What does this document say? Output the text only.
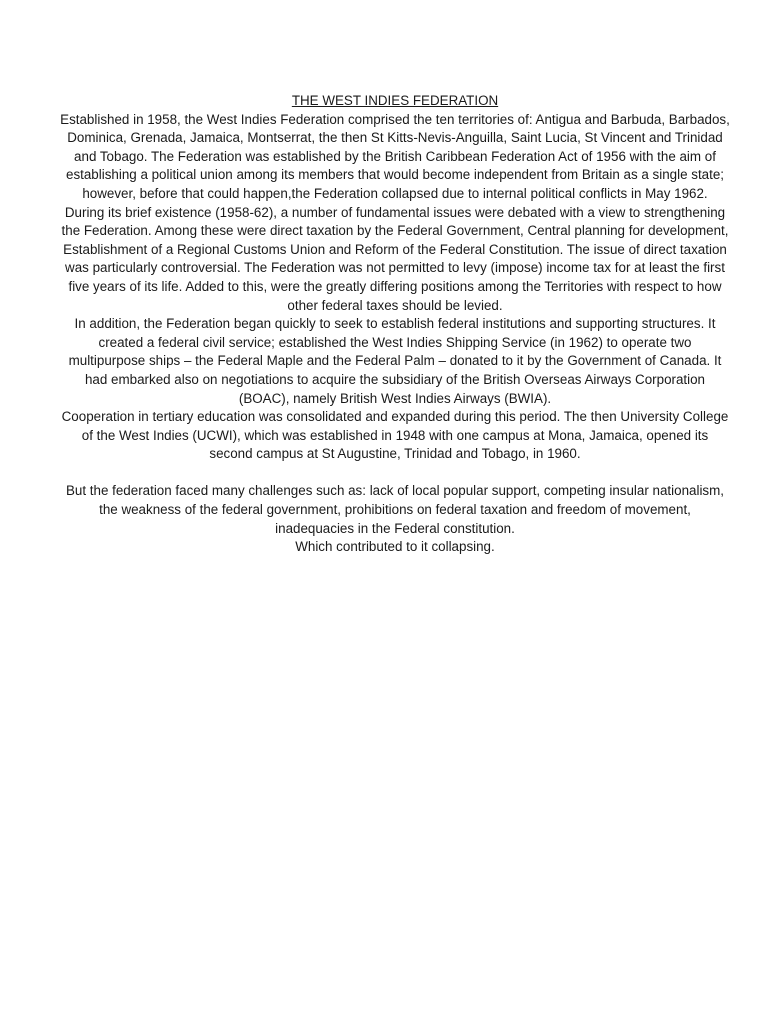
THE WEST INDIES FEDERATION

Established in 1958, the West Indies Federation comprised the ten territories of: Antigua and Barbuda, Barbados, Dominica, Grenada, Jamaica, Montserrat, the then St Kitts-Nevis-Anguilla, Saint Lucia, St Vincent and Trinidad and Tobago. The Federation was established by the British Caribbean Federation Act of 1956 with the aim of establishing a political union among its members that would become independent from Britain as a single state; however, before that could happen,the Federation collapsed due to internal political conflicts in May 1962.

During its brief existence (1958-62), a number of fundamental issues were debated with a view to strengthening the Federation. Among these were direct taxation by the Federal Government, Central planning for development, Establishment of a Regional Customs Union and Reform of the Federal Constitution. The issue of direct taxation was particularly controversial. The Federation was not permitted to levy (impose) income tax for at least the first five years of its life. Added to this, were the greatly differing positions among the Territories with respect to how other federal taxes should be levied.

In addition, the Federation began quickly to seek to establish federal institutions and supporting structures. It created a federal civil service; established the West Indies Shipping Service (in 1962) to operate two multipurpose ships – the Federal Maple and the Federal Palm – donated to it by the Government of Canada. It had embarked also on negotiations to acquire the subsidiary of the British Overseas Airways Corporation (BOAC), namely British West Indies Airways (BWIA).

Cooperation in tertiary education was consolidated and expanded during this period. The then University College of the West Indies (UCWI), which was established in 1948 with one campus at Mona, Jamaica, opened its second campus at St Augustine, Trinidad and Tobago, in 1960.

But the federation faced many challenges such as: lack of local popular support, competing insular nationalism, the weakness of the federal government, prohibitions on federal taxation and freedom of movement, inadequacies in the Federal constitution.

Which contributed to it collapsing.
